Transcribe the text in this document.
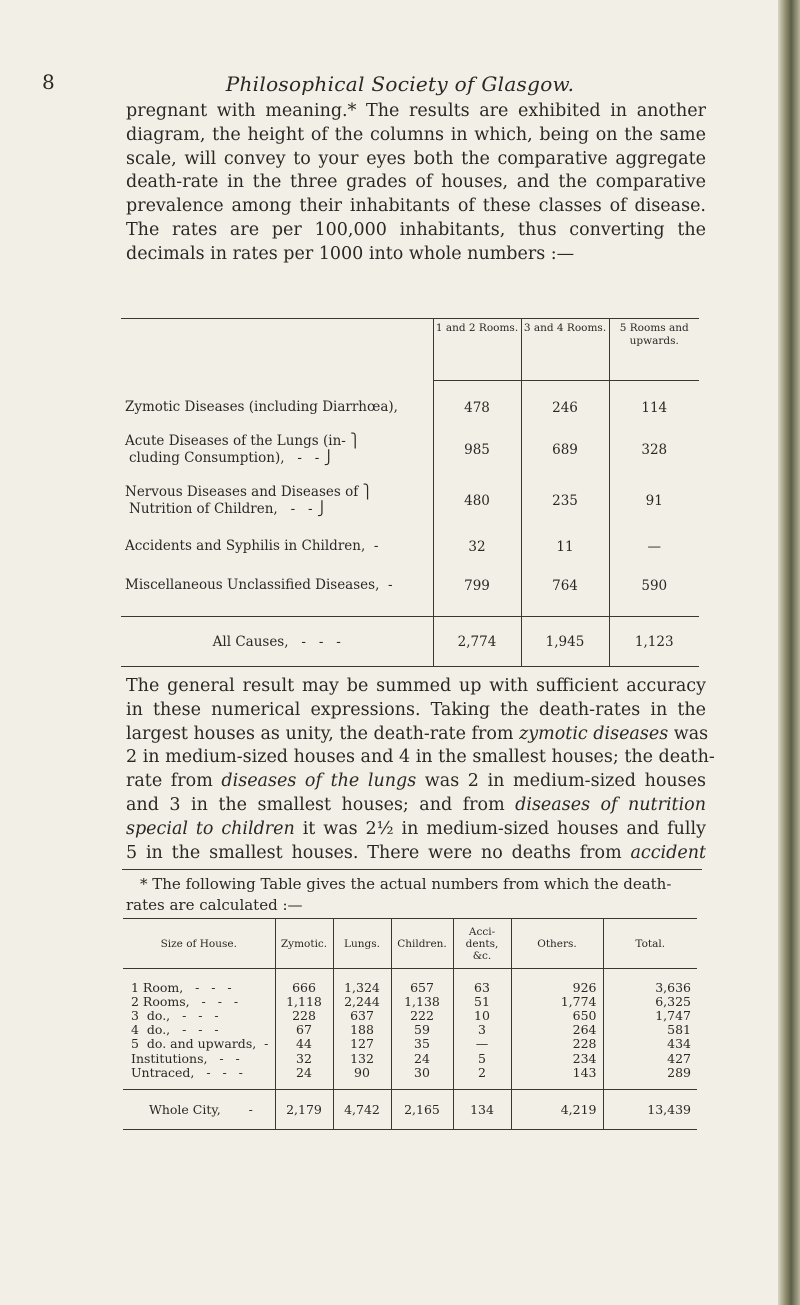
8	Philosophical Society of Glasgow.
pregnant with meaning.* The results are exhibited in another
diagram, the height of the columns in which, being on the same
scale, will convey to your eyes both the comparative aggregate
death-rate in the three grades of houses, and the comparative
prevalence among their inhabitants of these classes of disease.
The rates are per 100,000 inhabitants, thus converting the
decimals in rates per 1000 into whole numbers :—
	1 and 2 Rooms.	3 and 4 Rooms.	5 Rooms and upwards.

Zymotic Diseases (including Diarrhœa),	478	246	114

Acute Diseases of the Lungs (in- ⎫
cluding Consumption),   -   - ⎭	985	689	328

Nervous Diseases and Diseases of ⎫
Nutrition of Children,   -   - ⎭	480	235	91
Accidents and Syphilis in Children,  -	32	11	—
Miscellaneous Unclassified Diseases,  -	799	764	590

All Causes,   -   -   -	2,774	1,945	1,123
The general result may be summed up with sufficient accuracy
in these numerical expressions. Taking the death-rates in the
largest houses as unity, the death-rate from zymotic diseases was
2 in medium-sized houses and 4 in the smallest houses; the death-
rate from diseases of the lungs was 2 in medium-sized houses
and 3 in the smallest houses; and from diseases of nutrition
special to children it was 2½ in medium-sized houses and fully
5 in the smallest houses. There were no deaths from accident
* The following Table gives the actual numbers from which the death-
rates are calculated :—
Size of House.	Zymotic.	Lungs.	Children.	Acci-dents, &c.	Others.	Total.

1 Room,   -   -   -	666	1,324	657	63	926	3,636
2 Rooms,   -   -   -	1,118	2,244	1,138	51	1,774	6,325
3  do.,   -   -   -	228	637	222	10	650	1,747
4  do.,   -   -   -	67	188	59	3	264	581
5  do. and upwards,  -	44	127	35	—	228	434
Institutions,   -   -	32	132	24	5	234	427
Untraced,   -   -   -	24	90	30	2	143	289

Whole City,       -	2,179	4,742	2,165	134	4,219	13,439
